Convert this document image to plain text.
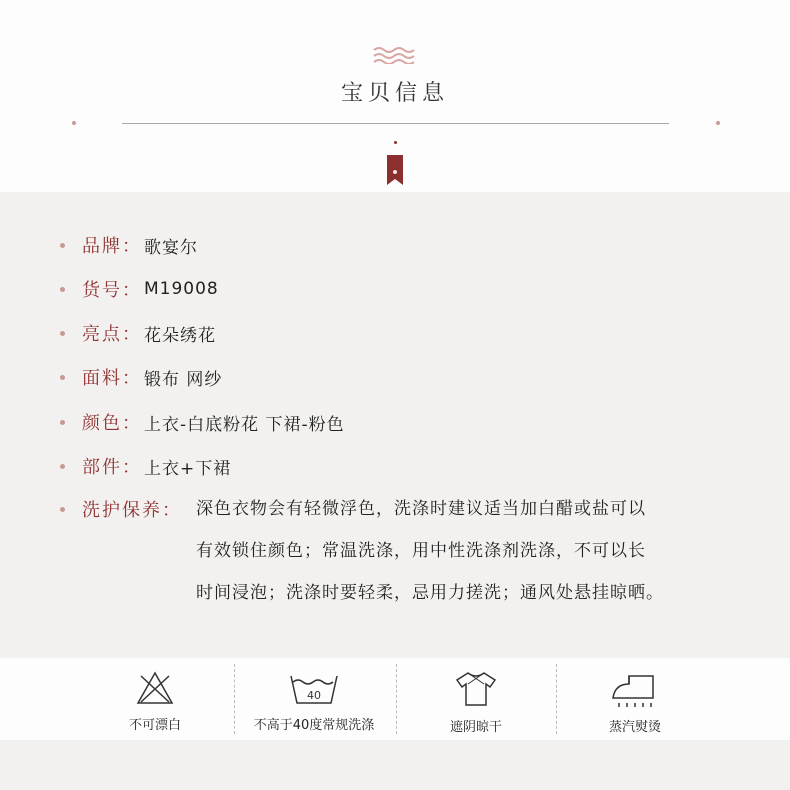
宝贝信息
品牌： 歌宴尔
货号： M19008
亮点： 花朵绣花
面料： 锻布 网纱
颜色： 上衣-白底粉花 下裙-粉色
部件： 上衣+下裙
洗护保养： 深色衣物会有轻微浮色，洗涤时建议适当加白醋或盐可以
有效锁住颜色；常温洗涤，用中性洗涤剂洗涤，不可以长
时间浸泡；洗涤时要轻柔，忌用力搓洗；通风处悬挂晾晒。
不可漂白
40
不高于40度常规洗涤	遮阴晾干	蒸汽熨烫
